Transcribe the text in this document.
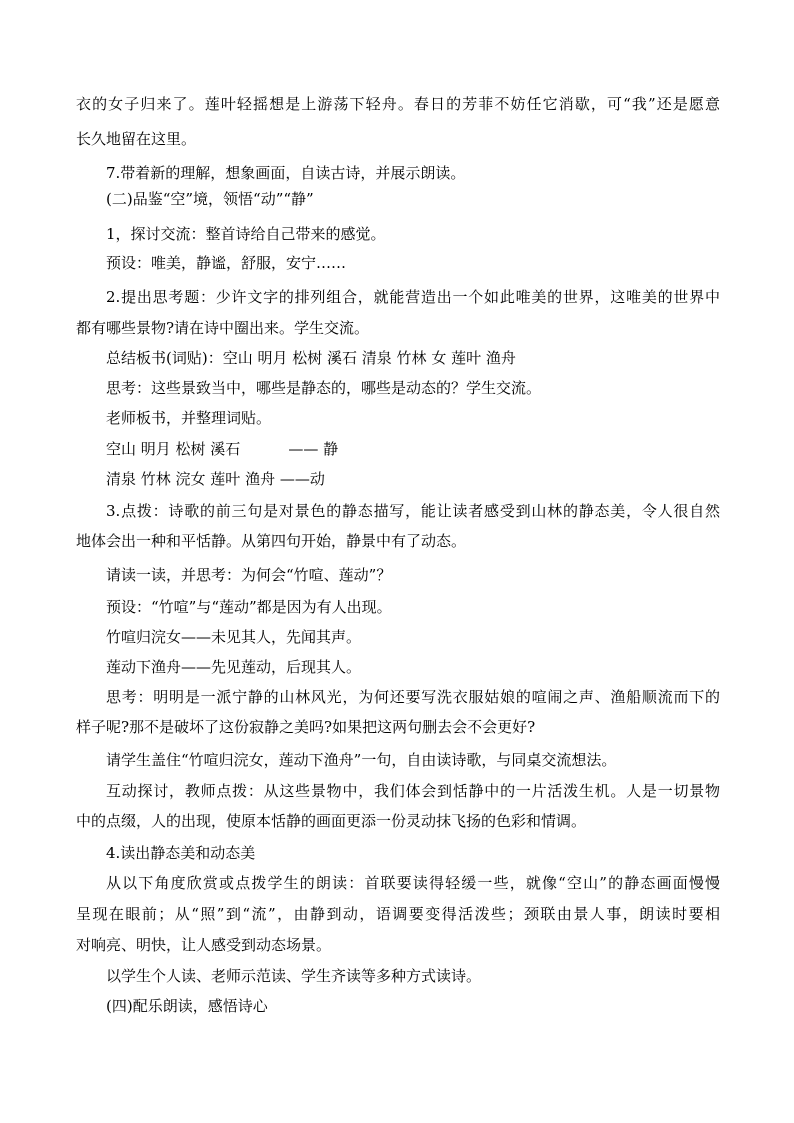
衣的女子归来了。莲叶轻摇想是上游荡下轻舟。春日的芳菲不妨任它消歇，可“我”还是愿意
长久地留在这里。
7.带着新的理解，想象画面，自读古诗，并展示朗读。
(二)品鉴“空”境，领悟“动”“静”
1，探讨交流：整首诗给自己带来的感觉。
预设：唯美，静谧，舒服，安宁……
2.提出思考题：少许文字的排列组合，就能营造出一个如此唯美的世界，这唯美的世界中
都有哪些景物?请在诗中圈出来。学生交流。
总结板书(词贴)：空山 明月 松树 溪石 清泉 竹林 女 莲叶 渔舟
思考：这些景致当中，哪些是静态的，哪些是动态的？学生交流。
老师板书，并整理词贴。
空山 明月 松树 溪石	—— 静
清泉 竹林 浣女 莲叶 渔舟 ——动
3.点拨：诗歌的前三句是对景色的静态描写，能让读者感受到山林的静态美，令人很自然
地体会出一种和平恬静。从第四句开始，静景中有了动态。
请读一读，并思考：为何会“竹喧、莲动”？
预设：“竹喧”与“莲动”都是因为有人出现。
竹喧归浣女——未见其人，先闻其声。
莲动下渔舟——先见莲动，后现其人。
思考：明明是一派宁静的山林风光，为何还要写洗衣服姑娘的喧闹之声、渔船顺流而下的
样子呢?那不是破坏了这份寂静之美吗?如果把这两句删去会不会更好?
请学生盖住“竹喧归浣女，莲动下渔舟”一句，自由读诗歌，与同桌交流想法。
互动探讨，教师点拨：从这些景物中，我们体会到恬静中的一片活泼生机。人是一切景物
中的点缀，人的出现，使原本恬静的画面更添一份灵动抹飞扬的色彩和情调。
4.读出静态美和动态美
从以下角度欣赏或点拨学生的朗读：首联要读得轻缓一些，就像“空山”的静态画面慢慢
呈现在眼前；从“照”到“流”，由静到动，语调要变得活泼些；颈联由景人事，朗读时要相
对响亮、明快，让人感受到动态场景。
以学生个人读、老师示范读、学生齐读等多种方式读诗。
(四)配乐朗读，感悟诗心
